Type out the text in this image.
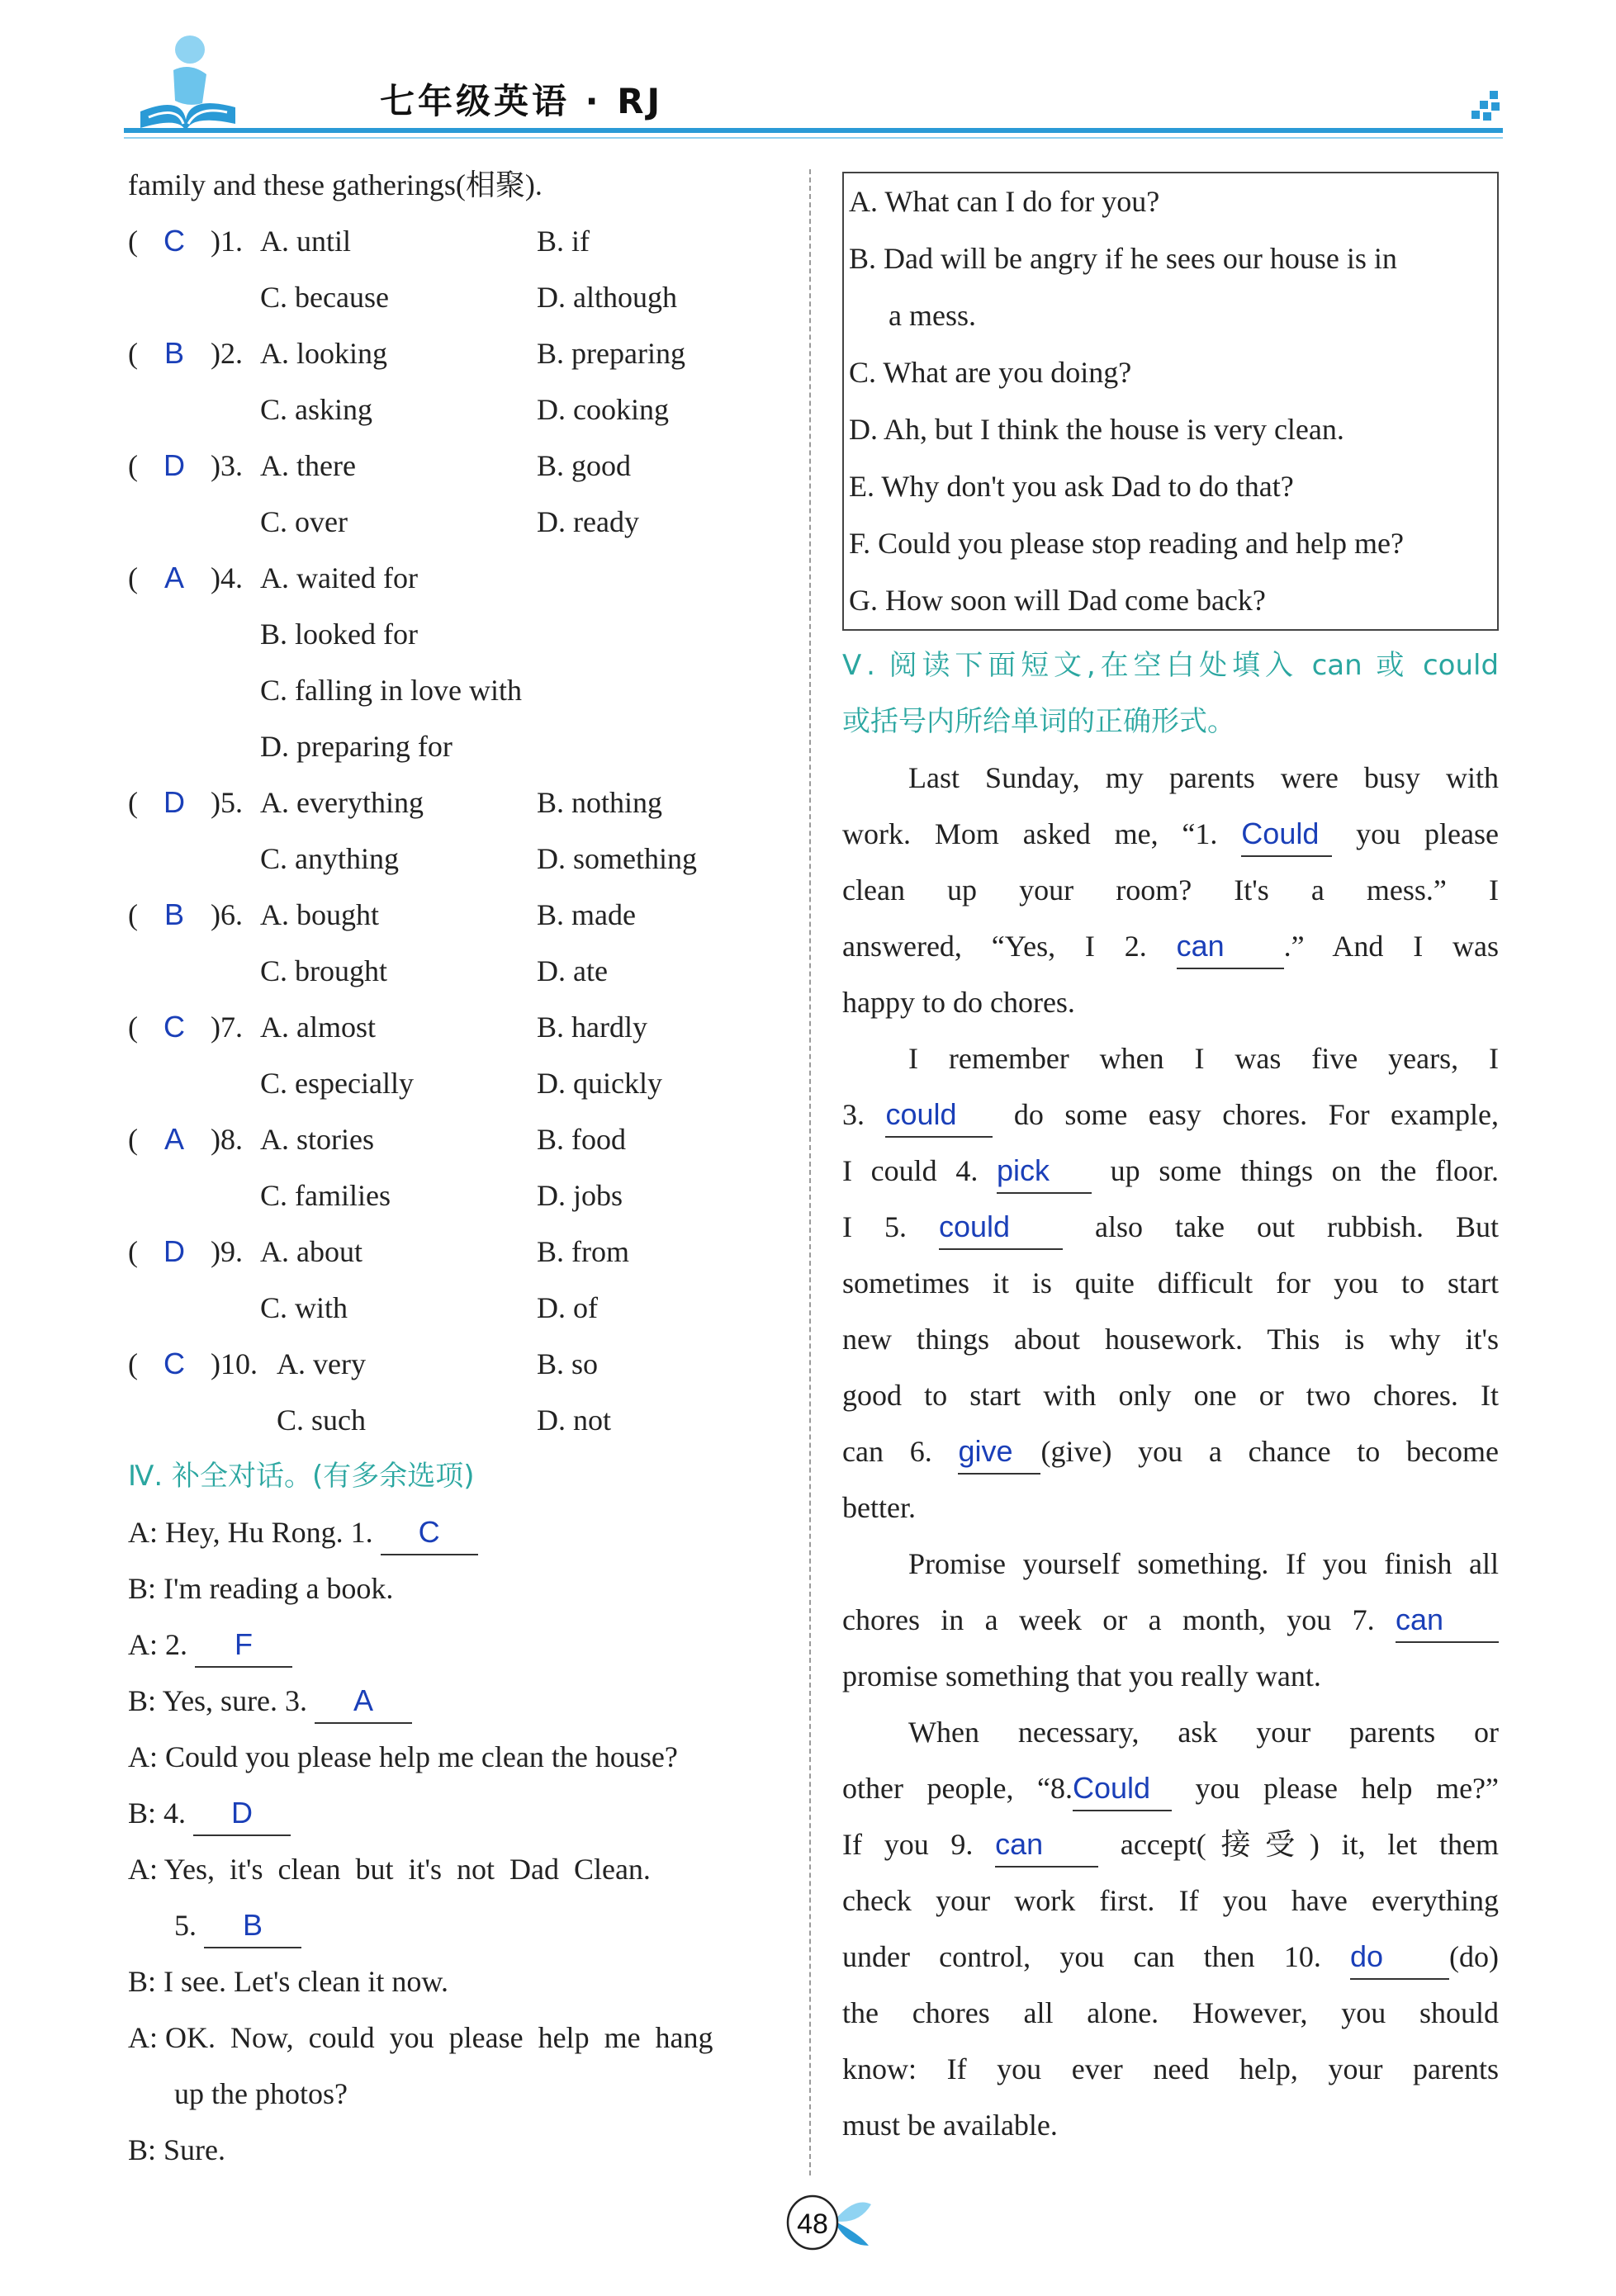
七年级英语 · RJ
family and these gatherings(相聚).
( C )1. A. until	B. if
C. because	D. although
( B )2. A. looking	B. preparing
C. asking	D. cooking
( D )3. A. there	B. good
C. over	D. ready
( A )4. A. waited for
B. looked for
C. falling in love with
D. preparing for
( D )5. A. everything	B. nothing
C. anything	D. something
( B )6. A. bought	B. made
C. brought	D. ate
( C )7. A. almost	B. hardly
C. especially	D. quickly
( A )8. A. stories	B. food
C. families	D. jobs
( D )9. A. about	B. from
C. with	D. of
( C )10. A. very	B. so
C. such	D. not
Ⅳ. 补全对话。(有多余选项)
A: Hey, Hu Rong. 1. C
B: I'm reading a book.
A: 2. F
B: Yes, sure. 3. A
A: Could you please help me clean the house?
B: 4. D
A: Yes,  it's  clean  but  it's  not  Dad  Clean.
5. B
B: I see. Let's clean it now.
A: OK.  Now,  could  you  please  help  me  hang
up the photos?
B: Sure.
A. What can I do for you?
B. Dad will be angry if he sees our house is in
a mess.
C. What are you doing?
D. Ah, but I think the house is very clean.
E. Why don't you ask Dad to do that?
F. Could you please stop reading and help me?
G. How soon will Dad come back?
Ⅴ. 阅读下面短文,在空白处填入 can 或 could
或括号内所给单词的正确形式。
Last Sunday, my parents were busy with
work. Mom asked me, “1. Could you please
clean  up  your  room?  It's  a  mess.”  I
answered, “Yes, I 2. can .” And I was
happy to do chores.
I remember when I was five years, I
3. could do some easy chores. For example,
I could 4. pick up some things on the floor.
I  5. could	also  take  out  rubbish.  But
sometimes it is quite difficult for you to start
new things about housework. This is why it's
good to start with only one or two chores. It
can 6. give (give) you a chance to become
better.
Promise yourself something. If you finish all
chores in a week or a month, you 7. can
promise something that you really want.
When  necessary,  ask  your  parents  or
other people, “8.Could you please help me?”
If you 9. can	accept(接受) it, let them
check your work first. If you have everything
under control, you can then 10. do (do)
the chores all alone. However, you should
know: If you ever need help, your parents
must be available.
48
